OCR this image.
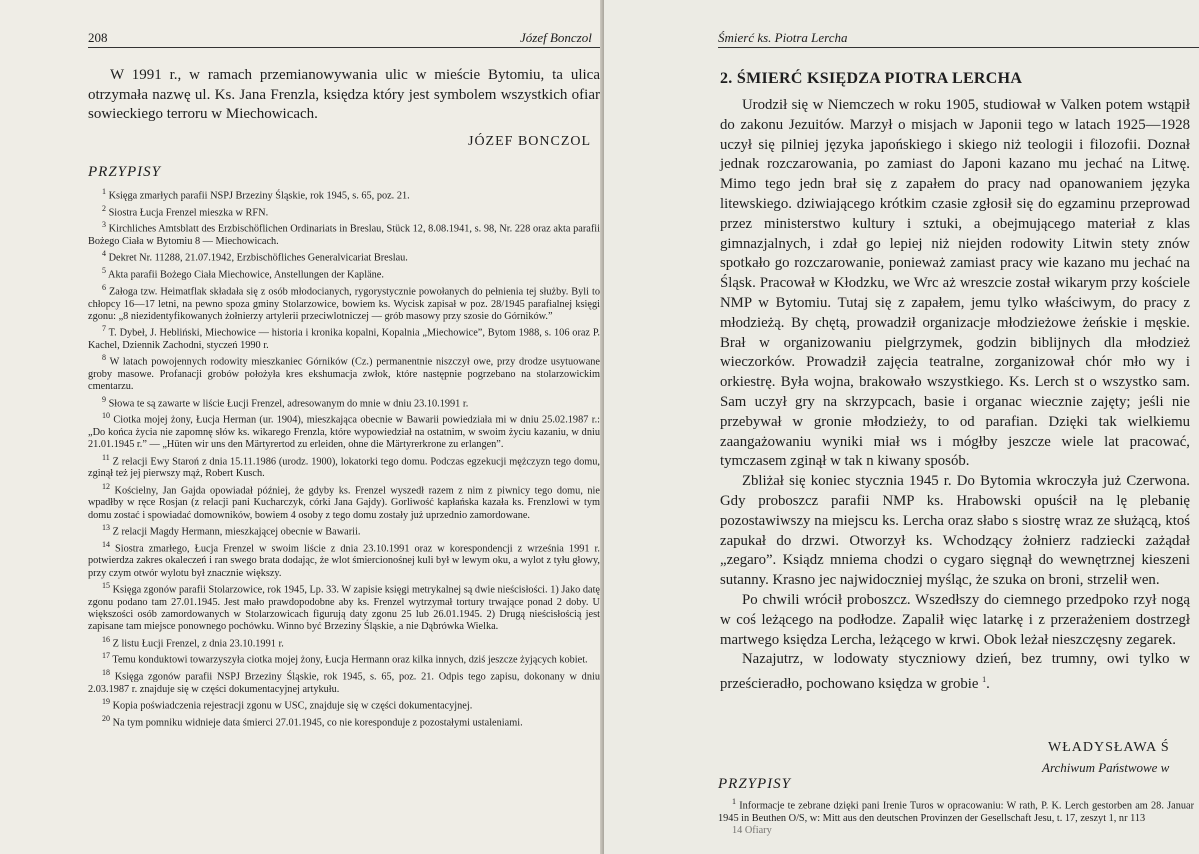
208	Józef Bonczol

W 1991 r., w ramach przemianowywania ulic w mieście Bytomiu, ta ulica otrzymała nazwę ul. Ks. Jana Frenzla, księdza który jest symbolem wszystkich ofiar sowieckiego terroru w Miechowicach.

JÓZEF BONCZOL
PRZYPISY

$^1$ Księga zmarłych parafii NSPJ Brzeziny Śląskie, rok 1945, s. 65, poz. 21.

$^2$ Siostra Łucja Frenzel mieszka w RFN.

$^3$ Kirchliches Amtsblatt des Erzbischöflichen Ordinariats in Breslau, Stück 12, 8.08.1941, s. 98, Nr. 228 oraz akta parafii Bożego Ciała w Bytomiu 8 — Miechowicach.

$^4$ Dekret Nr. 11288, 21.07.1942, Erzbischöfliches Generalvicariat Breslau.

$^5$ Akta parafii Bożego Ciała Miechowice, Anstellungen der Kapläne.

$^6$ Załoga tzw. Heimatflak składała się z osób młodocianych, rygorystycznie powołanych do pełnienia tej służby. Byli to chłopcy 16—17 letni, na pewno spoza gminy Stolarzowice, bowiem ks. Wycisk zapisał w poz. 28/1945 parafialnej księgi zgonu: „8 niezidentyfikowanych żołnierzy artylerii przeciwlotniczej — grób masowy przy szosie do Górników.”

$^7$ T. Dybeł, J. Hebliński, Miechowice — historia i kronika kopalni, Kopalnia „Miechowice”, Bytom 1988, s. 106 oraz P. Kachel, Dziennik Zachodni, styczeń 1990 r.

$^8$ W latach powojennych rodowity mieszkaniec Górników (Cz.) permanentnie niszczył owe, przy drodze usytuowane groby masowe. Profanacji grobów położyła kres ekshumacja zwłok, które następnie pogrzebano na stolarzowickim cmentarzu.

$^9$ Słowa te są zawarte w liście Łucji Frenzel, adresowanym do mnie w dniu 23.10.1991 r.

$^{10}$ Ciotka mojej żony, Łucja Herman (ur. 1904), mieszkająca obecnie w Bawarii powiedziała mi w dniu 25.02.1987 r.: „Do końca życia nie zapomnę słów ks. wikarego Frenzla, które wypowiedział na ostatnim, w swoim życiu kazaniu, w dniu 21.01.1945 r.” — „Hüten wir uns den Märtyrertod zu erleiden, ohne die Märtyrerkrone zu erlangen”.

$^{11}$ Z relacji Ewy Staroń z dnia 15.11.1986 (urodz. 1900), lokatorki tego domu. Podczas egzekucji mężczyzn tego domu, zginął też jej pierwszy mąż, Robert Kusch.

$^{12}$ Kościelny, Jan Gajda opowiadał później, że gdyby ks. Frenzel wyszedł razem z nim z piwnicy tego domu, nie wpadłby w ręce Rosjan (z relacji pani Kucharczyk, córki Jana Gajdy). Gorliwość kapłańska kazała ks. Frenzlowi w tym domu zostać i spowiadać domowników, bowiem 4 osoby z tego domu zostały już uprzednio zamordowane.

$^{13}$ Z relacji Magdy Hermann, mieszkającej obecnie w Bawarii.

$^{14}$ Siostra zmarłego, Łucja Frenzel w swoim liście z dnia 23.10.1991 oraz w korespondencji z września 1991 r. potwierdza zakres okaleczeń i ran swego brata dodając, że wlot śmiercionośnej kuli był w lewym oku, a wylot z tyłu głowy, przy czym otwór wylotu był znacznie większy.

$^{15}$ Księga zgonów parafii Stolarzowice, rok 1945, Lp. 33. W zapisie księgi metrykalnej są dwie nieścisłości. 1) Jako datę zgonu podano tam 27.01.1945. Jest mało prawdopodobne aby ks. Frenzel wytrzymał tortury trwające ponad 2 doby. U większości osób zamordowanych w Stolarzowicach figurują daty zgonu 25 lub 26.01.1945. 2) Drugą nieścisłością jest zapisane tam miejsce ponownego pochówku. Winno być Brzeziny Śląskie, a nie Dąbrówka Wielka.

$^{16}$ Z listu Łucji Frenzel, z dnia 23.10.1991 r.

$^{17}$ Temu konduktowi towarzyszyła ciotka mojej żony, Łucja Hermann oraz kilka innych, dziś jeszcze żyjących kobiet.

$^{18}$ Księga zgonów parafii NSPJ Brzeziny Śląskie, rok 1945, s. 65, poz. 21. Odpis tego zapisu, dokonany w dniu 2.03.1987 r. znajduje się w części dokumentacyjnej artykułu.

$^{19}$ Kopia poświadczenia rejestracji zgonu w USC, znajduje się w części dokumentacyjnej.

$^{20}$ Na tym pomniku widnieje data śmierci 27.01.1945, co nie koresponduje z pozostałymi ustaleniami.

Śmierć ks. Piotra Lercha
2. ŚMIERĆ KSIĘDZA PIOTRA LERCHA

Urodził się w Niemczech w roku 1905, studiował w Valken potem wstąpił do zakonu Jezuitów. Marzył o misjach w Japonii tego w latach 1925—1928 uczył się pilniej języka japońskiego i skiego niż teologii i filozofii. Doznał jednak rozczarowania, po zamiast do Japoni kazano mu jechać na Litwę. Mimo tego jedn brał się z zapałem do pracy nad opanowaniem języka litewskiego. dziwiającego krótkim czasie zgłosił się do egzaminu przeprowad przez ministerstwo kultury i sztuki, a obejmującego materiał z klas gimnazjalnych, i zdał go lepiej niż niejden rodowity Litwin stety znów spotkało go rozczarowanie, ponieważ zamiast pracy wie kazano mu jechać na Śląsk. Pracował w Kłodzku, we Wrc aż wreszcie został wikarym przy kościele NMP w Bytomiu. Tutaj się z zapałem, jemu tylko właściwym, do pracy z młodzieżą. By chętą, prowadził organizacje młodzieżowe żeńskie i męskie. Brał w organizowaniu pielgrzymek, godzin biblijnych dla młodzież wieczorków. Prowadził zajęcia teatralne, zorganizował chór mło wy i orkiestrę. Była wojna, brakowało wszystkiego. Ks. Lerch st o wszystko sam. Sam uczył gry na skrzypcach, basie i organac wiecznie zajęty; jeśli nie przebywał w gronie młodzieży, to od parafian. Dzięki tak wielkiemu zaangażowaniu wyniki miał ws i mógłby jeszcze wiele lat pracować, tymczasem zginął w tak n kiwany sposób.

Zbliżał się koniec stycznia 1945 r. Do Bytomia wkroczyła już Czerwona. Gdy proboszcz parafii NMP ks. Hrabowski opuścił na lę plebanię pozostawiwszy na miejscu ks. Lercha oraz słabo s siostrę wraz ze służącą, ktoś zapukał do drzwi. Otworzył ks. Wchodzący żołnierz radziecki zażądał „zegaro”. Ksiądz mniema chodzi o cygaro sięgnął do wewnętrznej kieszeni sutanny. Krasno jec najwidoczniej myśląc, że szuka on broni, strzelił wen.

Po chwili wrócił proboszcz. Wszedłszy do ciemnego przedpoko rzył nogą w coś leżącego na podłodze. Zapalił więc latarkę i z przerażeniem dostrzegł martwego księdza Lercha, leżącego w krwi. Obok leżał nieszczęsny zegarek.

Nazajutrz, w lodowaty styczniowy dzień, bez trumny, owi tylko w prześcieradło, pochowano księdza w grobie $^1$.

WŁADYSŁAWA Ś
Archiwum Państwowe w
PRZYPISY

$^1$ Informacje te zebrane dzięki pani Irenie Turos w opracowaniu: W rath, P. K. Lerch gestorben am 28. Januar 1945 in Beuthen O/S, w: Mitt aus den deutschen Provinzen der Gesellschaft Jesu, t. 17, zeszyt 1, nr 113

14 Ofiary
